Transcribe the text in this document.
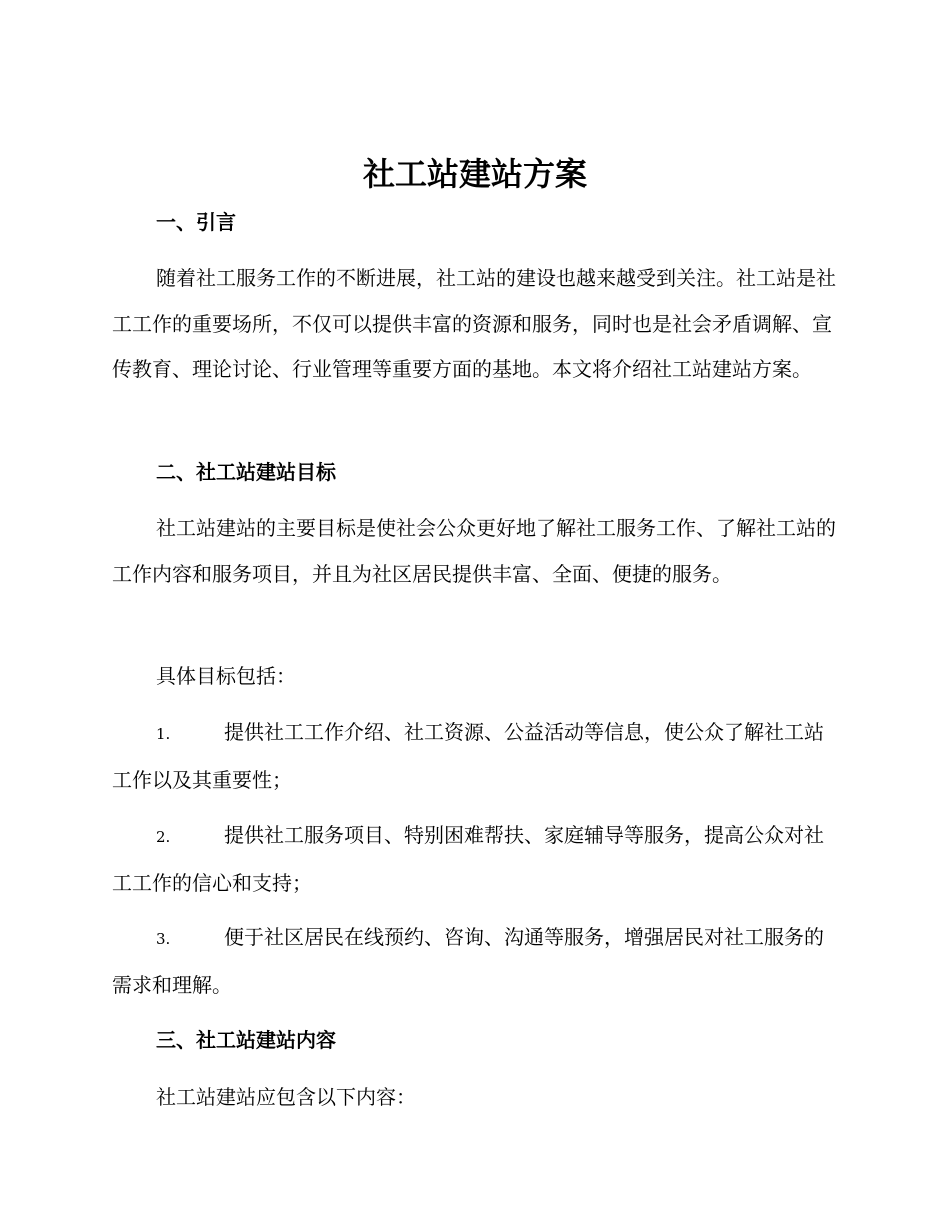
社工站建站方案
一、引言

随着社工服务工作的不断进展，社工站的建设也越来越受到关注。社工站是社工工作的重要场所，不仅可以提供丰富的资源和服务，同时也是社会矛盾调解、宣传教育、理论讨论、行业管理等重要方面的基地。本文将介绍社工站建站方案。

二、社工站建站目标

社工站建站的主要目标是使社会公众更好地了解社工服务工作、了解社工站的工作内容和服务项目，并且为社区居民提供丰富、全面、便捷的服务。

具体目标包括：

1.	提供社工工作介绍、社工资源、公益活动等信息，使公众了解社工站工作以及其重要性；

2.	提供社工服务项目、特别困难帮扶、家庭辅导等服务，提高公众对社工工作的信心和支持；

3.	便于社区居民在线预约、咨询、沟通等服务，增强居民对社工服务的需求和理解。

三、社工站建站内容

社工站建站应包含以下内容：
